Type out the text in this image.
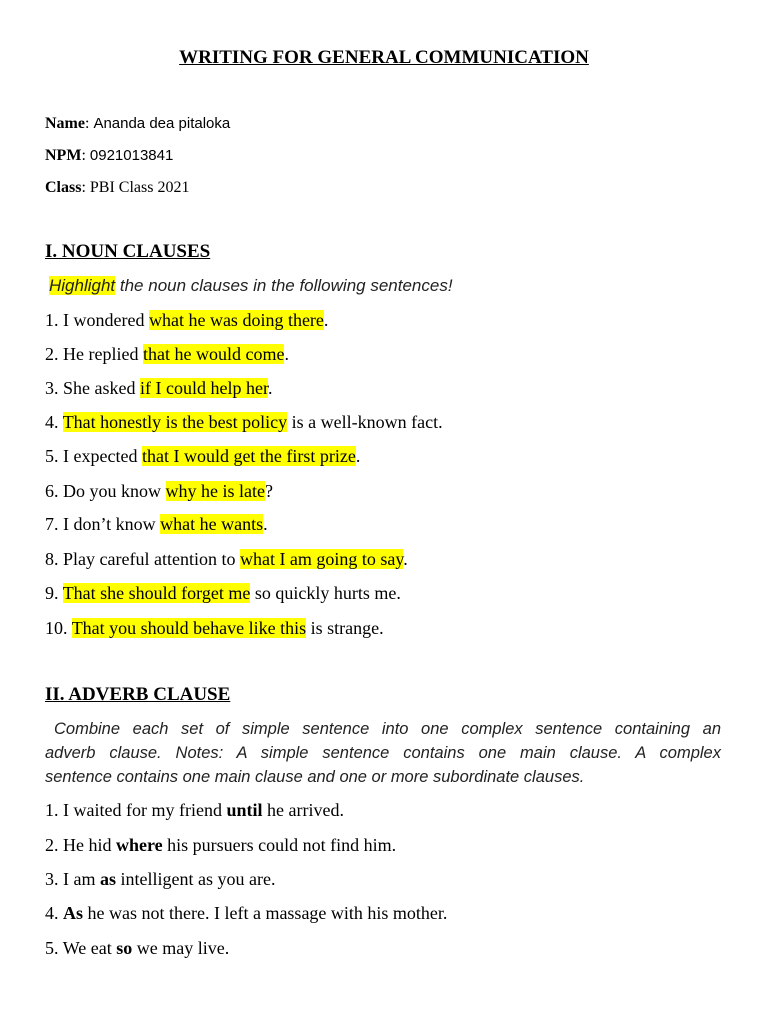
WRITING FOR GENERAL COMMUNICATION
Name: Ananda dea pitaloka
NPM: 0921013841
Class: PBI Class 2021
I. NOUN CLAUSES
Highlight the noun clauses in the following sentences!
1. I wondered what he was doing there.
2. He replied that he would come.
3. She asked if I could help her.
4. That honestly is the best policy is a well-known fact.
5. I expected that I would get the first prize.
6. Do you know why he is late?
7. I don’t know what he wants.
8. Play careful attention to what I am going to say.
9. That she should forget me so quickly hurts me.
10. That you should behave like this is strange.
II. ADVERB CLAUSE
Combine each set of simple sentence into one complex sentence containing an
adverb clause. Notes: A simple sentence contains one main clause. A complex
sentence contains one main clause and one or more subordinate clauses.
1. I waited for my friend until he arrived.
2. He hid where his pursuers could not find him.
3. I am as intelligent as you are.
4. As he was not there. I left a massage with his mother.
5. We eat so we may live.
